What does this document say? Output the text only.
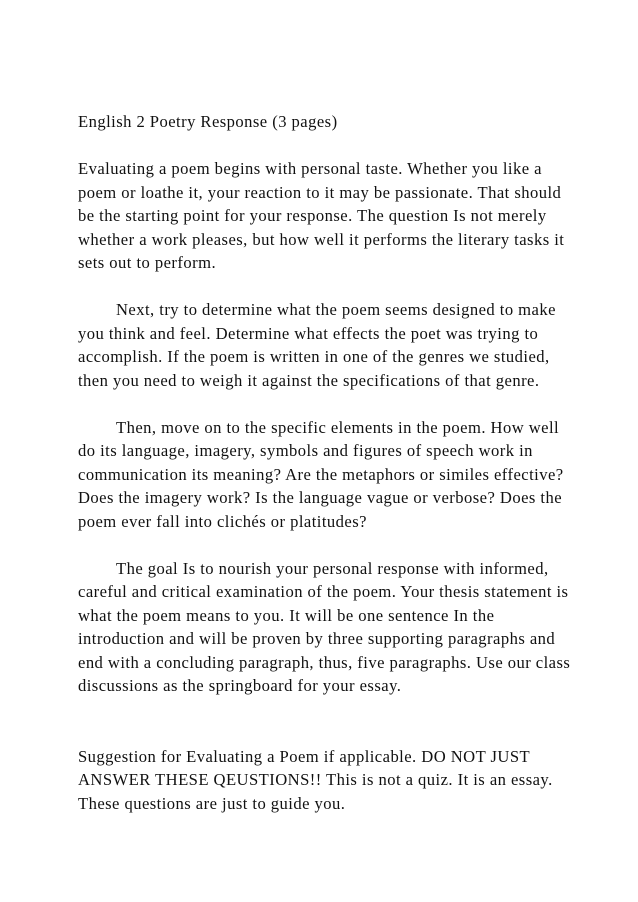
English 2 Poetry Response (3 pages)

Evaluating a poem begins with personal taste. Whether you like a poem or loathe it, your reaction to it may be passionate. That should be the starting point for your response. The question Is not merely whether a work pleases, but how well it performs the literary tasks it sets out to perform.

Next, try to determine what the poem seems designed to make you think and feel. Determine what effects the poet was trying to accomplish. If the poem is written in one of the genres we studied, then you need to weigh it against the specifications of that genre.

Then, move on to the specific elements in the poem. How well do its language, imagery, symbols and figures of speech work in communication its meaning? Are the metaphors or similes effective? Does the imagery work? Is the language vague or verbose? Does the poem ever fall into clichés or platitudes?

The goal Is to nourish your personal response with informed, careful and critical examination of the poem. Your thesis statement is what the poem means to you. It will be one sentence In the introduction and will be proven by three supporting paragraphs and end with a concluding paragraph, thus, five paragraphs. Use our class discussions as the springboard for your essay.

Suggestion for Evaluating a Poem if applicable. DO NOT JUST ANSWER THESE QEUSTIONS!! This is not a quiz. It is an essay. These questions are just to guide you.
